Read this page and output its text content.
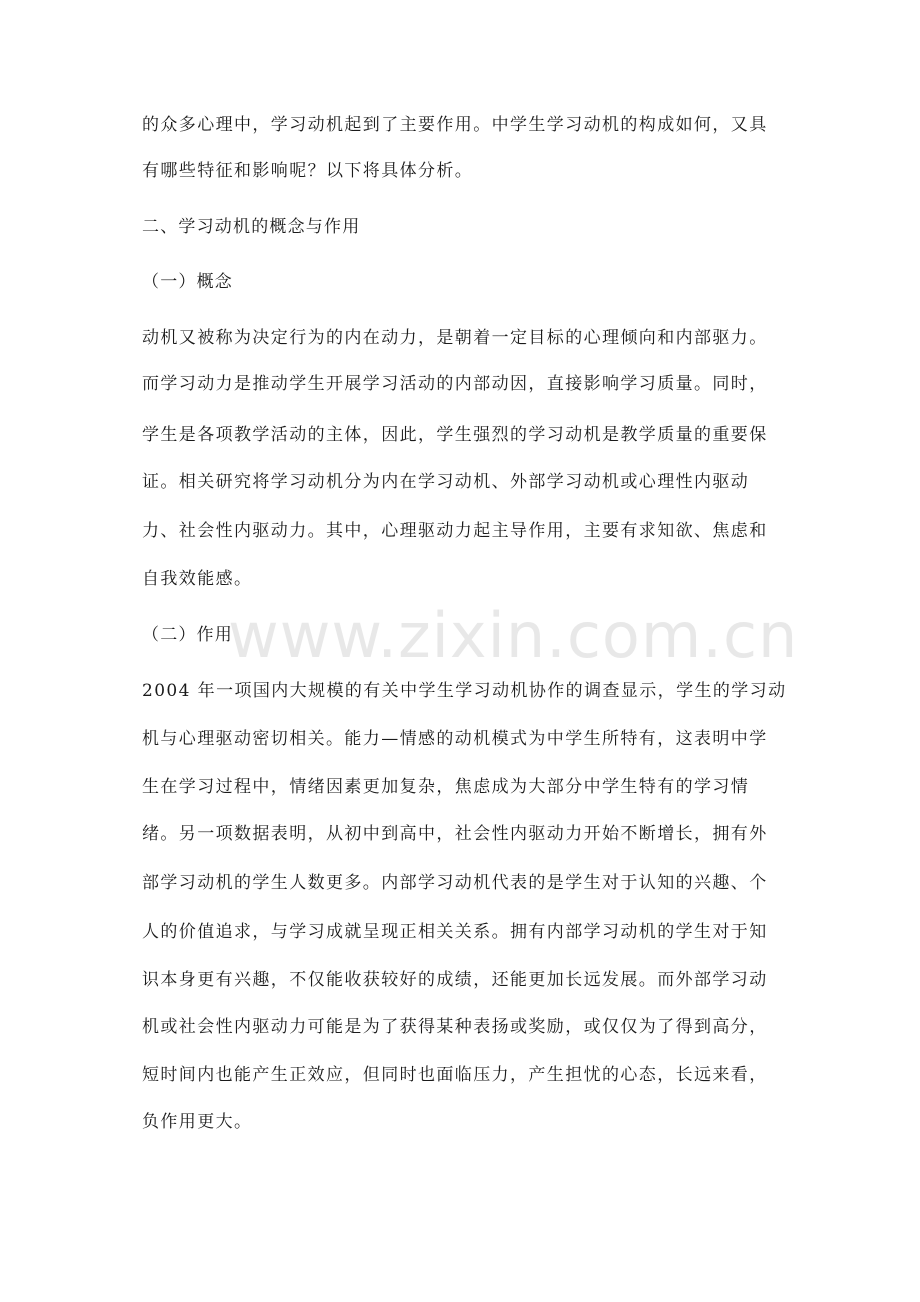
www.zixin.com.cn
的众多心理中，学习动机起到了主要作用。中学生学习动机的构成如何，又具
有哪些特征和影响呢？以下将具体分析。
二、学习动机的概念与作用
（一）概念
动机又被称为决定行为的内在动力，是朝着一定目标的心理倾向和内部驱力。
而学习动力是推动学生开展学习活动的内部动因，直接影响学习质量。同时，
学生是各项教学活动的主体，因此，学生强烈的学习动机是教学质量的重要保
证。相关研究将学习动机分为内在学习动机、外部学习动机或心理性内驱动
力、社会性内驱动力。其中，心理驱动力起主导作用，主要有求知欲、焦虑和
自我效能感。
（二）作用
2004 年一项国内大规模的有关中学生学习动机协作的调查显示，学生的学习动
机与心理驱动密切相关。能力—情感的动机模式为中学生所特有，这表明中学
生在学习过程中，情绪因素更加复杂，焦虑成为大部分中学生特有的学习情
绪。另一项数据表明，从初中到高中，社会性内驱动力开始不断增长，拥有外
部学习动机的学生人数更多。内部学习动机代表的是学生对于认知的兴趣、个
人的价值追求，与学习成就呈现正相关关系。拥有内部学习动机的学生对于知
识本身更有兴趣，不仅能收获较好的成绩，还能更加长远发展。而外部学习动
机或社会性内驱动力可能是为了获得某种表扬或奖励，或仅仅为了得到高分，
短时间内也能产生正效应，但同时也面临压力，产生担忧的心态，长远来看，
负作用更大。
